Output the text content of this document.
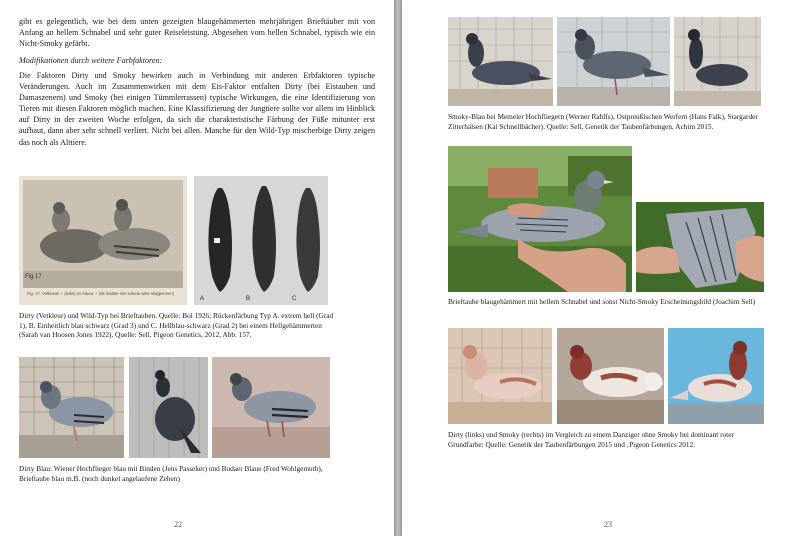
gibt es gelegentlich, wie bei dem unten gezeigten blaugehämmerten mehrjährigen Brieftäuber mit von Anfang an hellem Schnabel und sehr guter Reiseleistung. Abgesehen vom hellen Schnabel, typisch wie ein Nicht-Smoky gefärbt.

Modifikationen durch weitere Farbfaktoren:

Die Faktoren Dirty und Smoky bewirken auch in Verbindung mit anderen Erbfaktoren typische Veränderungen. Auch im Zusammenwirken mit dem Eis-Faktor entfalten Dirty (bei Eistauben und Damaszenern) und Smoky (bei einigen Tümmlerrassen) typische Wirkungen, die eine Identifizierung von Tieren mit diesen Faktoren möglich machen. Eine Klassifizierung der Jungtiere sollte vor allem im Hinblick auf Dirty in der zweiten Woche erfolgen, da sich die charakteristische Färbung der Füße mitunter erst aufbaut, dann aber sehr schnell verliert. Nicht bei allen. Manche für den Wild-Typ mischerbige Dirty zeigen das noch als Alttiere.

Fig.17
Fig. 17. Vetklauw ♀ (links) en blauw ♀ (de laatste met enkele witte slagpennen)
A	B	C

Dirty (Vetkleur) und Wild-Typ bei Brieftauben. Quelle: Bol 1926; Rückenfärbung Typ A. extrem hell (Grad 1), B. Einheitlich blau schwarz (Grad 3) und C. Hellblau-schwarz (Grad 2) bei einem Hellgehämmerten (Sarah van Hoosen Jones 1922), Quelle: Sell, Pigeon Genetics, 2012, Abb. 157.

Dirty Blau: Wiener Hochflieger blau mit Binden (Jens Passeker) und Budaer Blaue (Fred Wohlgemuth), Brieftaube blau m.B. (noch dunkel angelaufene Zehen)

22

Smoky-Blau bei Memeler Hochfliegern (Werner Rahlfs), Ostpreußischen Werfern (Hans Falk), Stargarder Zitterhälsen (Kai Schnellbächer). Quelle: Sell, Genetik der Taubenfärbungen, Achim 2015.

Brieftaube blaugehämmert mit hellem Schnabel und sonst Nicht-Smoky Erscheinungsbild (Joachim Sell)

Dirty (links) und Smoky (rechts) im Vergleich zu einem Danziger ohne Smoky bei dominant roter Grundfarbe: Quelle: Genetik der Taubenfärbungen 2015 und ‚Pigeon Genetics 2012.

23
